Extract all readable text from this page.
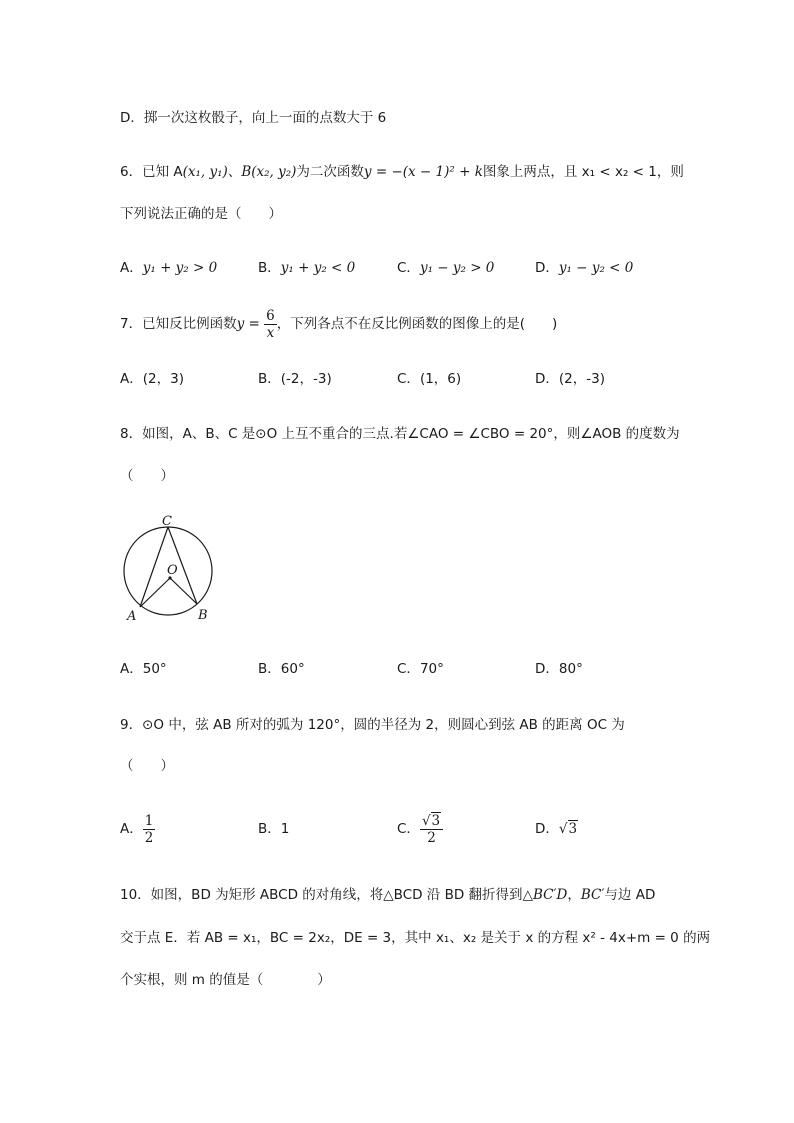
D．掷一次这枚骰子，向上一面的点数大于 6
6．已知 A(x₁, y₁)、B(x₂, y₂)为二次函数y = −(x − 1)² + k图象上两点，且 x₁ < x₂ < 1，则
下列说法正确的是（　　）
A．y₁ + y₂ > 0	B．y₁ + y₂ < 0	C．y₁ − y₂ > 0	D．y₁ − y₂ < 0
7．已知反比例函数$y = \frac{6}{x}$ ，下列各点不在反比例函数的图像上的是(　　)
A．(2，3)	B．(-2，-3)	C．(1，6)	D．(2，-3)
8．如图，A、B、C 是⊙O 上互不重合的三点.若∠CAO = ∠CBO = 20°，则∠AOB 的度数为
（　　）
C
O
A	B
A．50°	B．60°	C．70°	D．80°
9．⊙O 中，弦 AB 所对的弧为 120°，圆的半径为 2，则圆心到弦 AB 的距离 OC 为
（　　）
A． $\frac{1}{2}$	B．1	C． $\frac{√3}{2}$	D．√3
10．如图，BD 为矩形 ABCD 的对角线，将△BCD 沿 BD 翻折得到△BC′D，BC′与边 AD
交于点 E．若 AB = x₁，BC = 2x₂，DE = 3，其中 x₁、x₂ 是关于 x 的方程 x² - 4x+m = 0 的两
个实根，则 m 的值是（　　　　）
